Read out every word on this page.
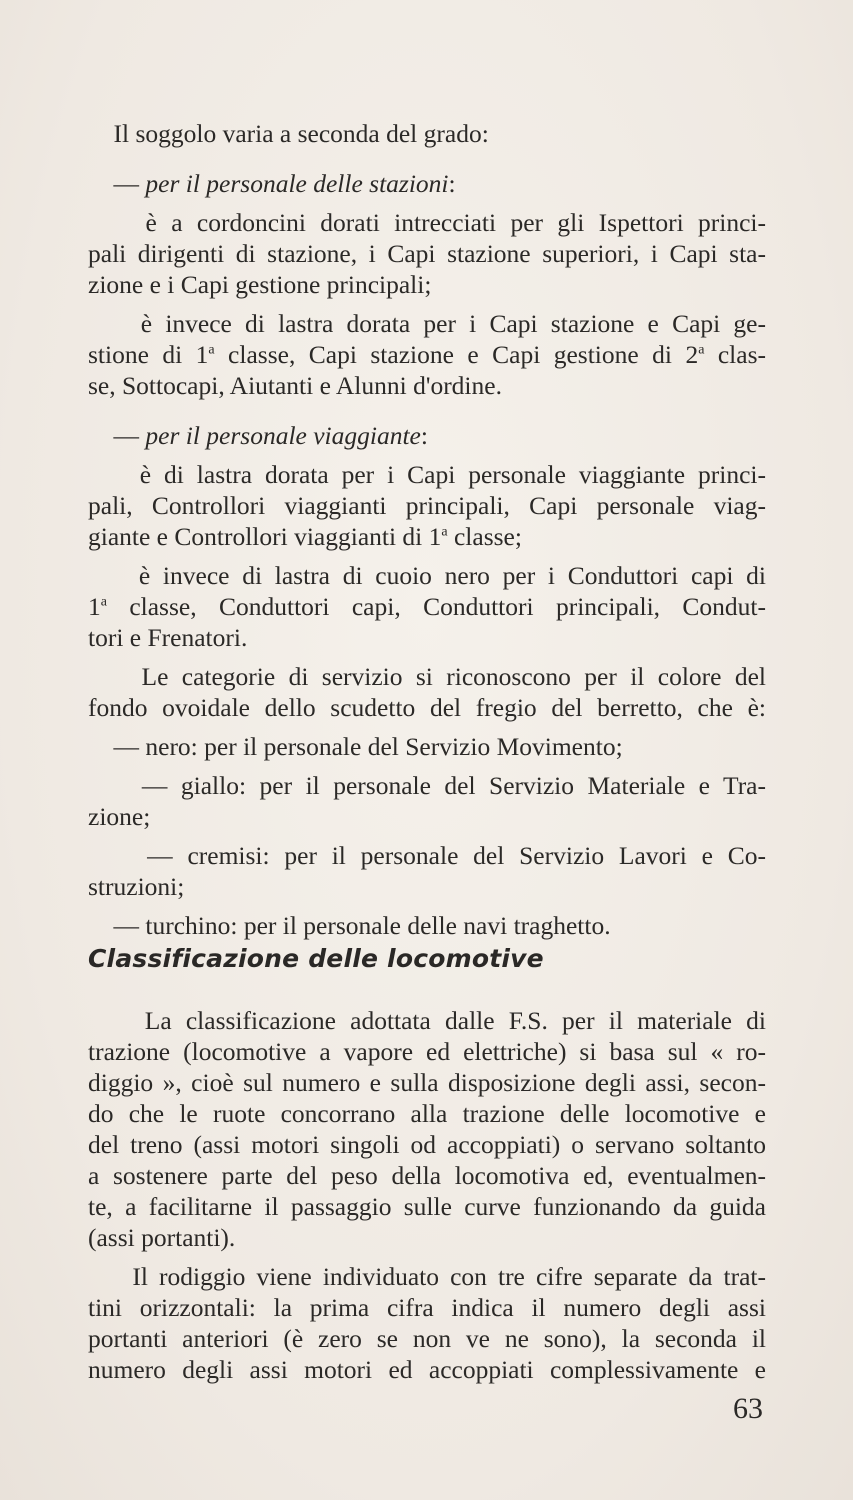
Il soggolo varia a seconda del grado:

— per il personale delle stazioni:

è a cordoncini dorati intrecciati per gli Ispettori princi-
pali dirigenti di stazione, i Capi stazione superiori, i Capi sta-
zione e i Capi gestione principali;

è invece di lastra dorata per i Capi stazione e Capi ge-
stione di 1$^a$ classe, Capi stazione e Capi gestione di 2$^a$ clas-
se, Sottocapi, Aiutanti e Alunni d'ordine.

— per il personale viaggiante:

è di lastra dorata per i Capi personale viaggiante princi-
pali, Controllori viaggianti principali, Capi personale viag-
giante e Controllori viaggianti di 1$^a$ classe;

è invece di lastra di cuoio nero per i Conduttori capi di
1$^a$ classe, Conduttori capi, Conduttori principali, Condut-
tori e Frenatori.

Le categorie di servizio si riconoscono per il colore del
fondo ovoidale dello scudetto del fregio del berretto, che è:

— nero: per il personale del Servizio Movimento;

— giallo: per il personale del Servizio Materiale e Tra-
zione;

— cremisi: per il personale del Servizio Lavori e Co-
struzioni;

— turchino: per il personale delle navi traghetto.

Classificazione delle locomotive

La classificazione adottata dalle F.S. per il materiale di
trazione (locomotive a vapore ed elettriche) si basa sul « ro-
diggio », cioè sul numero e sulla disposizione degli assi, secon-
do che le ruote concorrano alla trazione delle locomotive e
del treno (assi motori singoli od accoppiati) o servano soltanto
a sostenere parte del peso della locomotiva ed, eventualmen-
te, a facilitarne il passaggio sulle curve funzionando da guida
(assi portanti).

Il rodiggio viene individuato con tre cifre separate da trat-
tini orizzontali: la prima cifra indica il numero degli assi
portanti anteriori (è zero se non ve ne sono), la seconda il
numero degli assi motori ed accoppiati complessivamente e

63
